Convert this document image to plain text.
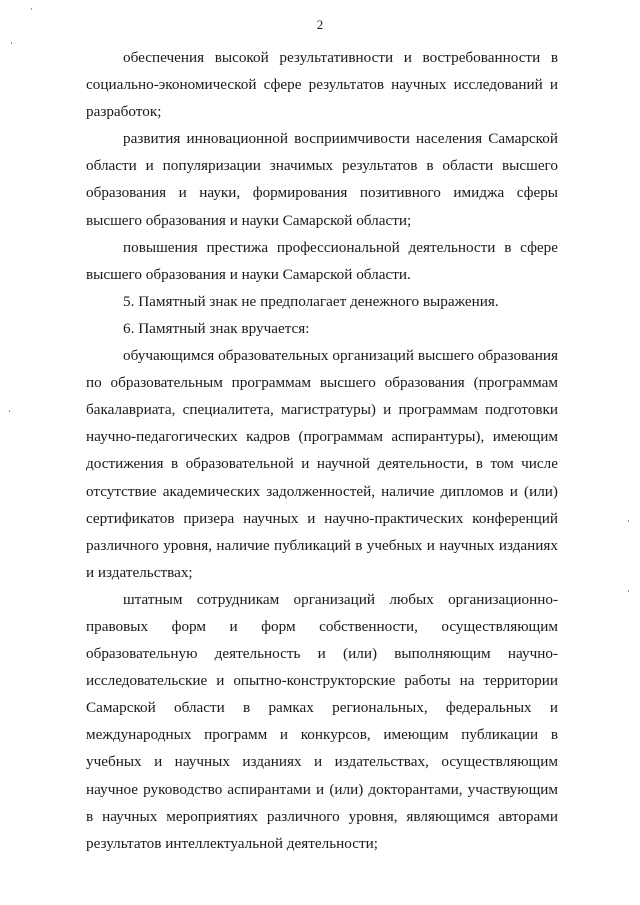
2
обеспечения высокой результативности и востребованности в
социально-экономической сфере результатов научных исследований и
разработок;
развития инновационной восприимчивости населения Самарской
области и популяризации значимых результатов в области высшего
образования и науки, формирования позитивного имиджа сферы
высшего образования и науки Самарской области;
повышения престижа профессиональной деятельности в сфере
высшего образования и науки Самарской области.
5. Памятный знак не предполагает денежного выражения.
6. Памятный знак вручается:
обучающимся образовательных организаций высшего образования
по образовательным программам высшего образования (программам
бакалавриата, специалитета, магистратуры) и программам подготовки
научно-педагогических кадров (программам аспирантуры), имеющим
достижения в образовательной и научной деятельности, в том числе
отсутствие академических задолженностей, наличие дипломов и (или)
сертификатов призера научных и научно-практических конференций
различного уровня, наличие публикаций в учебных и научных изданиях
и издательствах;
штатным сотрудникам организаций любых организационно-
правовых форм и форм собственности, осуществляющим
образовательную деятельность и (или) выполняющим научно-
исследовательские и опытно-конструкторские работы на территории
Самарской области в рамках региональных, федеральных и
международных программ и конкурсов, имеющим публикации в
учебных и научных изданиях и издательствах, осуществляющим
научное руководство аспирантами и (или) докторантами, участвующим
в научных мероприятиях различного уровня, являющимся авторами
результатов интеллектуальной деятельности;
